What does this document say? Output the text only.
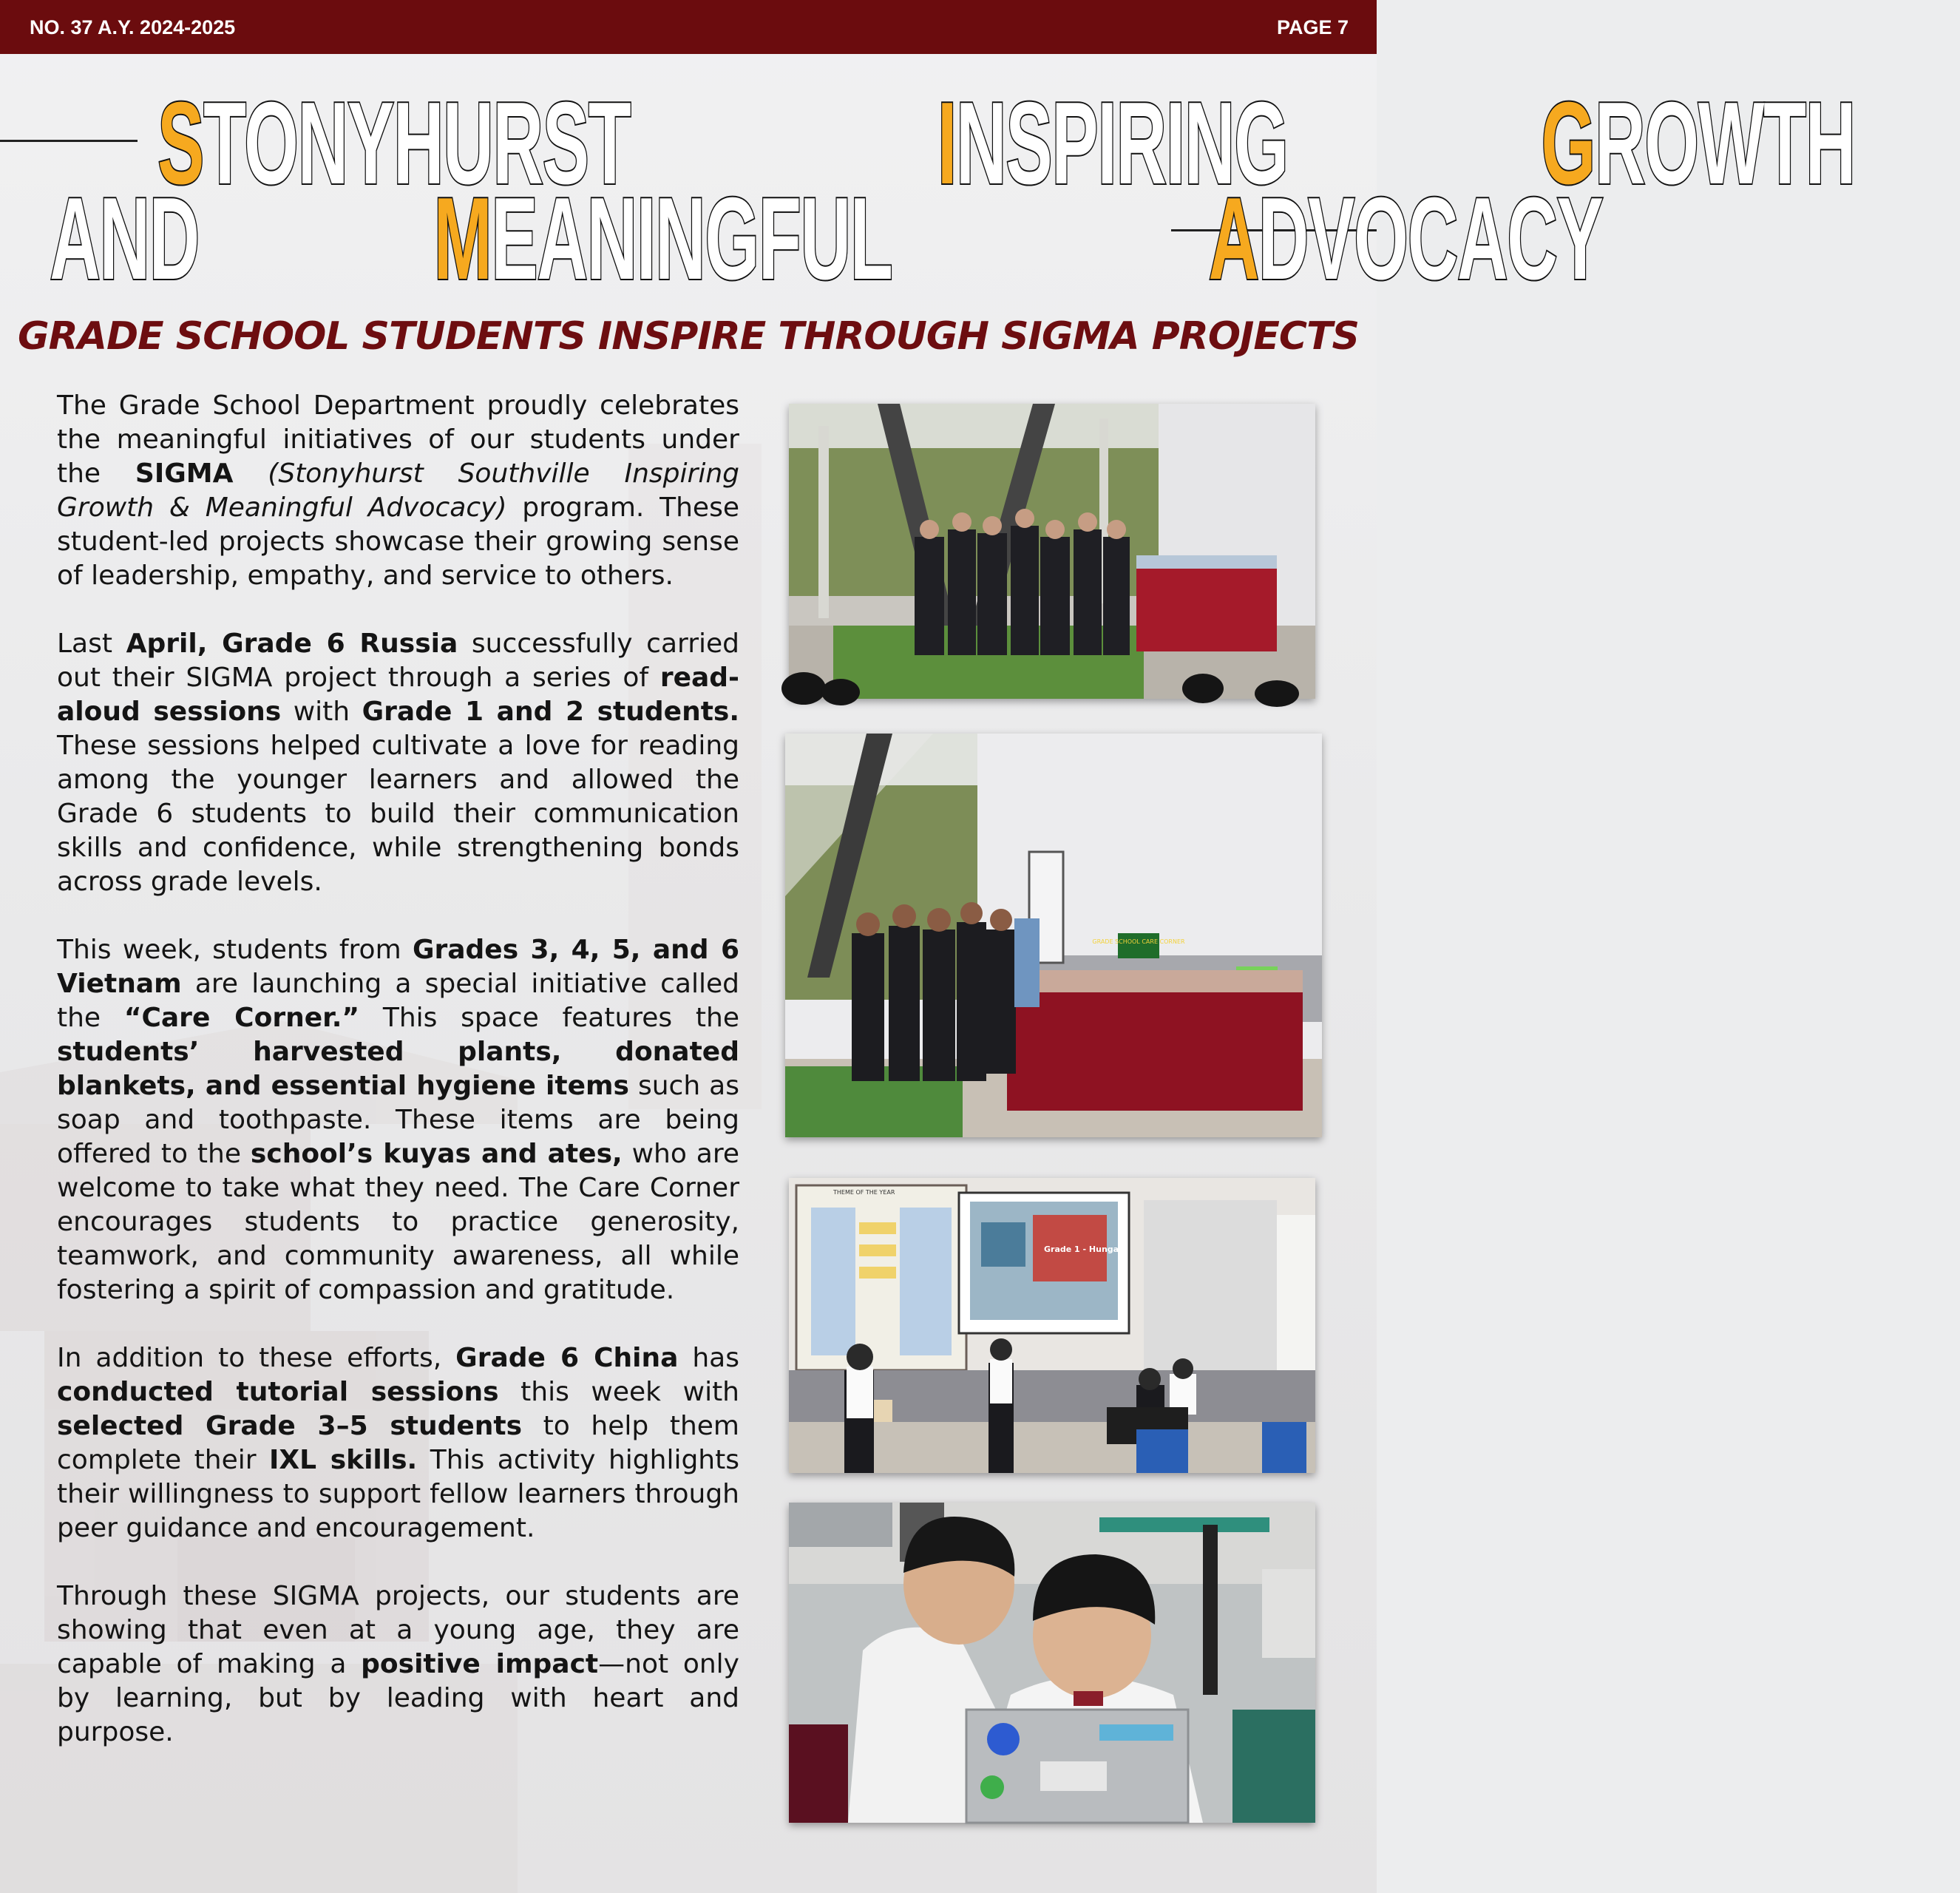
NO. 37 A.Y. 2024-2025	PAGE 7
STONYHURST	INSPIRING GROWTH
AND MEANINGFUL	ADVOCACY
GRADE SCHOOL STUDENTS INSPIRE THROUGH SIGMA PROJECTS

The Grade School Department proudly celebrates the meaningful initiatives of our students under the SIGMA (Stonyhurst Southville Inspiring Growth & Meaningful Advocacy) program. These student-led projects showcase their growing sense of leadership, empathy, and service to others.

Last April, Grade 6 Russia successfully carried out their SIGMA project through a series of read-aloud sessions with Grade 1 and 2 students. These sessions helped cultivate a love for reading among the younger learners and allowed the Grade 6 students to build their communication skills and confidence, while strengthening bonds across grade levels.

This week, students from Grades 3, 4, 5, and 6 Vietnam are launching a special initiative called the “Care Corner.” This space features the students’ harvested plants, donated blankets, and essential hygiene items such as soap and toothpaste. These items are being offered to the school’s kuyas and ates, who are welcome to take what they need. The Care Corner encourages students to practice generosity, teamwork, and community awareness, all while fostering a spirit of compassion and gratitude.

In addition to these efforts, Grade 6 China has conducted tutorial sessions this week with selected Grade 3–5 students to help them complete their IXL skills. This activity highlights their willingness to support fellow learners through peer guidance and encouragement.

Through these SIGMA projects, our students are showing that even at a young age, they are capable of making a positive impact—not only by learning, but by leading with heart and purpose.

GRADE SCHOOL CARE CORNER
THEME OF THE YEAR
Grade 1 - Hungary
